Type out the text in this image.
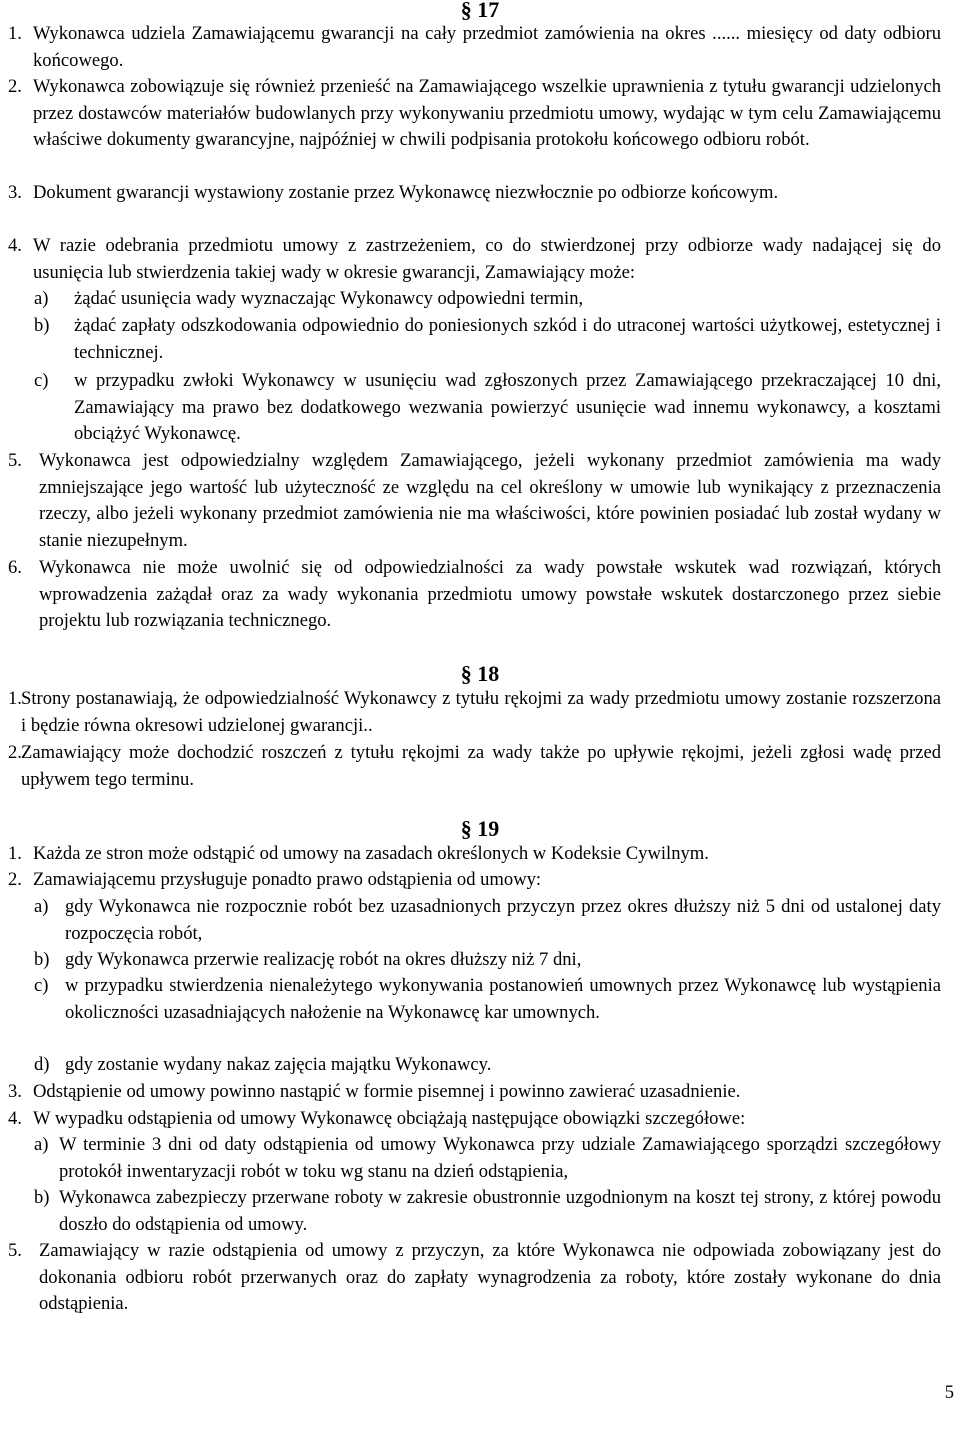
§ 17
1. Wykonawca udziela Zamawiającemu gwarancji na cały przedmiot zamówienia na okres ...... miesięcy od daty odbioru końcowego.
2. Wykonawca zobowiązuje się również przenieść na Zamawiającego wszelkie uprawnienia z tytułu gwarancji udzielonych przez dostawców materiałów budowlanych przy wykonywaniu przedmiotu umowy, wydając w tym celu Zamawiającemu właściwe dokumenty gwarancyjne, najpóźniej w chwili podpisania protokołu końcowego odbioru robót.
3. Dokument gwarancji wystawiony zostanie przez Wykonawcę niezwłocznie po odbiorze końcowym.
4. W razie odebrania przedmiotu umowy z zastrzeżeniem, co do stwierdzonej przy odbiorze wady nadającej się do usunięcia lub stwierdzenia takiej wady w okresie gwarancji, Zamawiający może:
a)	żądać usunięcia wady wyznaczając Wykonawcy odpowiedni termin,
b)	żądać zapłaty odszkodowania odpowiednio do poniesionych szkód i do utraconej wartości użytkowej, estetycznej i technicznej.
c)	w przypadku zwłoki Wykonawcy w usunięciu wad zgłoszonych przez Zamawiającego przekraczającej 10 dni, Zamawiający ma prawo bez dodatkowego wezwania powierzyć usunięcie wad innemu wykonawcy, a kosztami obciążyć Wykonawcę.
5. Wykonawca jest odpowiedzialny względem Zamawiającego, jeżeli wykonany przedmiot zamówienia ma wady zmniejszające jego wartość lub użyteczność ze względu na cel określony w umowie lub wynikający z przeznaczenia rzeczy, albo jeżeli wykonany przedmiot zamówienia nie ma właściwości, które powinien posiadać lub został wydany w stanie niezupełnym.
6. Wykonawca nie może uwolnić się od odpowiedzialności za wady powstałe wskutek wad rozwiązań, których wprowadzenia zażądał oraz za wady wykonania przedmiotu umowy powstałe wskutek dostarczonego przez siebie projektu lub rozwiązania technicznego.
§ 18
1. Strony postanawiają, że odpowiedzialność Wykonawcy z tytułu rękojmi za wady przedmiotu umowy zostanie rozszerzona i będzie równa okresowi udzielonej gwarancji..
2. Zamawiający może dochodzić roszczeń z tytułu rękojmi za wady także po upływie rękojmi, jeżeli zgłosi wadę przed upływem tego terminu.
§ 19
1. Każda ze stron może odstąpić od umowy na zasadach określonych w Kodeksie Cywilnym.
2. Zamawiającemu przysługuje ponadto prawo odstąpienia od umowy:
a) gdy Wykonawca nie rozpocznie robót bez uzasadnionych przyczyn przez okres dłuższy niż 5 dni od ustalonej daty rozpoczęcia robót,
b) gdy Wykonawca przerwie realizację robót na okres dłuższy niż 7 dni,
c) w przypadku stwierdzenia nienależytego wykonywania postanowień umownych przez Wykonawcę lub wystąpienia okoliczności uzasadniających nałożenie na Wykonawcę kar umownych.
d) gdy zostanie wydany nakaz zajęcia majątku Wykonawcy.
3. Odstąpienie od umowy powinno nastąpić w formie pisemnej i powinno zawierać uzasadnienie.
4. W wypadku odstąpienia od umowy Wykonawcę obciążają następujące obowiązki szczegółowe:
a) W terminie 3 dni od daty odstąpienia od umowy Wykonawca przy udziale Zamawiającego sporządzi szczegółowy protokół inwentaryzacji robót w toku wg stanu na dzień odstąpienia,
b) Wykonawca zabezpieczy przerwane roboty w zakresie obustronnie uzgodnionym na koszt tej strony, z której powodu doszło do odstąpienia od umowy.
5. Zamawiający w razie odstąpienia od umowy z przyczyn, za które Wykonawca nie odpowiada zobowiązany jest do dokonania odbioru robót przerwanych oraz do zapłaty wynagrodzenia za roboty, które zostały wykonane do dnia odstąpienia.
5
